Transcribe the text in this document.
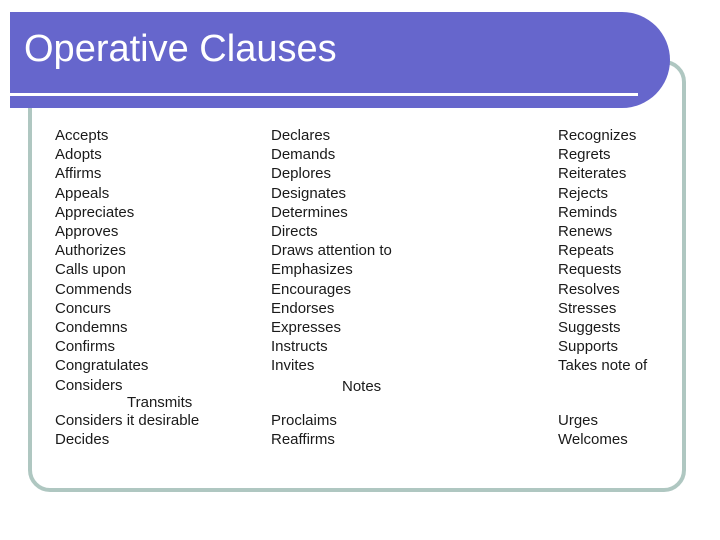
Operative Clauses
Accepts
Adopts
Affirms
Appeals
Appreciates
Approves
Authorizes
Calls upon
Commends
Concurs
Condemns
Confirms
Congratulates
Considers
Declares
Demands
Deplores
Designates
Determines
Directs
Draws attention to
Emphasizes
Encourages
Endorses
Expresses
Instructs
Invites
Recognizes
Regrets
Reiterates
Rejects
Reminds
Renews
Repeats
Requests
Resolves
Stresses
Suggests
Supports
Takes note of
Transmits
Notes
Considers it desirable
Decides
Proclaims
Reaffirms
Urges
Welcomes
